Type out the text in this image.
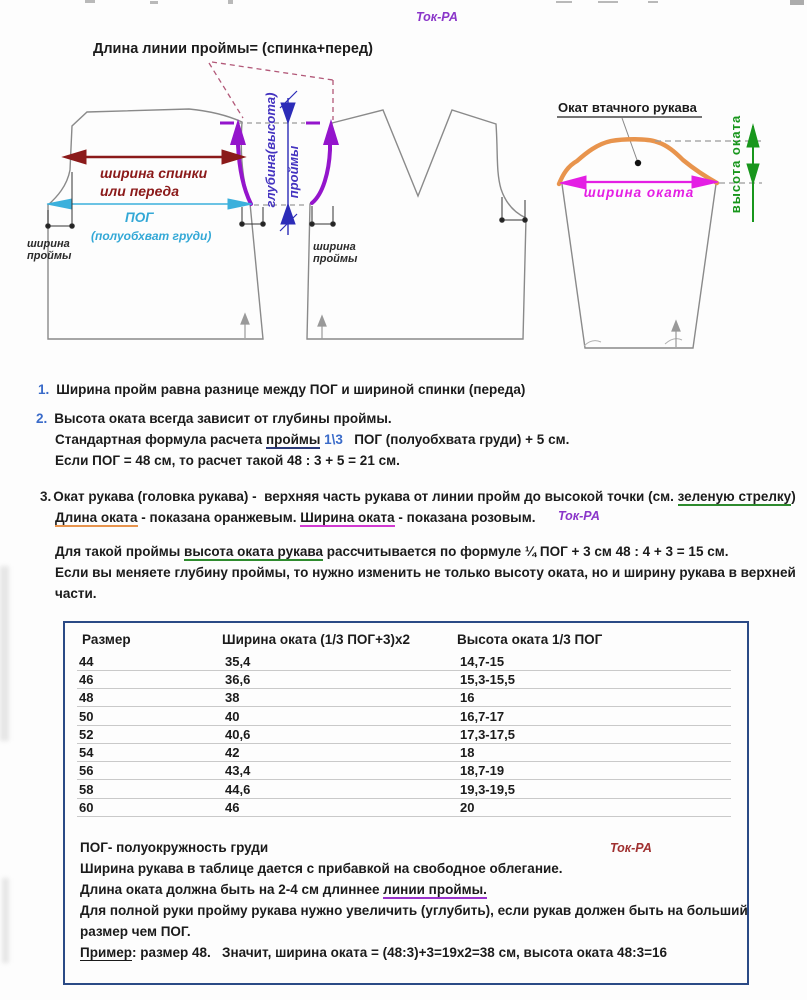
Ток-РА
Длина линии проймы= (спинка+перед)
глубина(высота) проймы
ширина спинки
или переда
ПОГ
(полуобхват груди)
ширина
проймы
ширина
проймы
Окат втачного рукава
ширина оката	высота оката
1. Ширина пройм равна разнице между ПОГ и шириной спинки (переда)
2. Высота оката всегда зависит от глубины проймы.
Стандартная формула расчета проймы 1\3   ПОГ (полуобхвата груди) + 5 см.
Если ПОГ = 48 см, то расчет такой 48 : 3 + 5 = 21 см.
3. Окат рукава (головка рукава) -  верхняя часть рукава от линии пройм до высокой точки (см. зеленую стрелку)
Длина оката - показана оранжевым. Ширина оката - показана розовым. Ток-РА
Для такой проймы высота оката рукава рассчитывается по формуле ¼ ПОГ + 3 см 48 : 4 + 3 = 15 см.
Если вы меняете глубину проймы, то нужно изменить не только высоту оката, но и ширину рукава в верхней
части.
Размер	Ширина оката (1/3 ПОГ+3)х2	Высота оката 1/3 ПОГ
44	35,4	14,7-15
46	36,6	15,3-15,5
48	38	16
50	40	16,7-17
52	40,6	17,3-17,5
54	42	18
56	43,4	18,7-19
58	44,6	19,3-19,5
60	46	20
ПОГ- полуокружность груди	Ток-РА
Ширина рукава в таблице дается с прибавкой на свободное облегание.
Длина оката должна быть на 2-4 см длиннее линии проймы.
Для полной руки пройму рукава нужно увеличить (углубить), если рукав должен быть на больший
размер чем ПОГ.
Пример: размер 48.   Значит, ширина оката = (48:3)+3=19х2=38 см, высота оката 48:3=16
